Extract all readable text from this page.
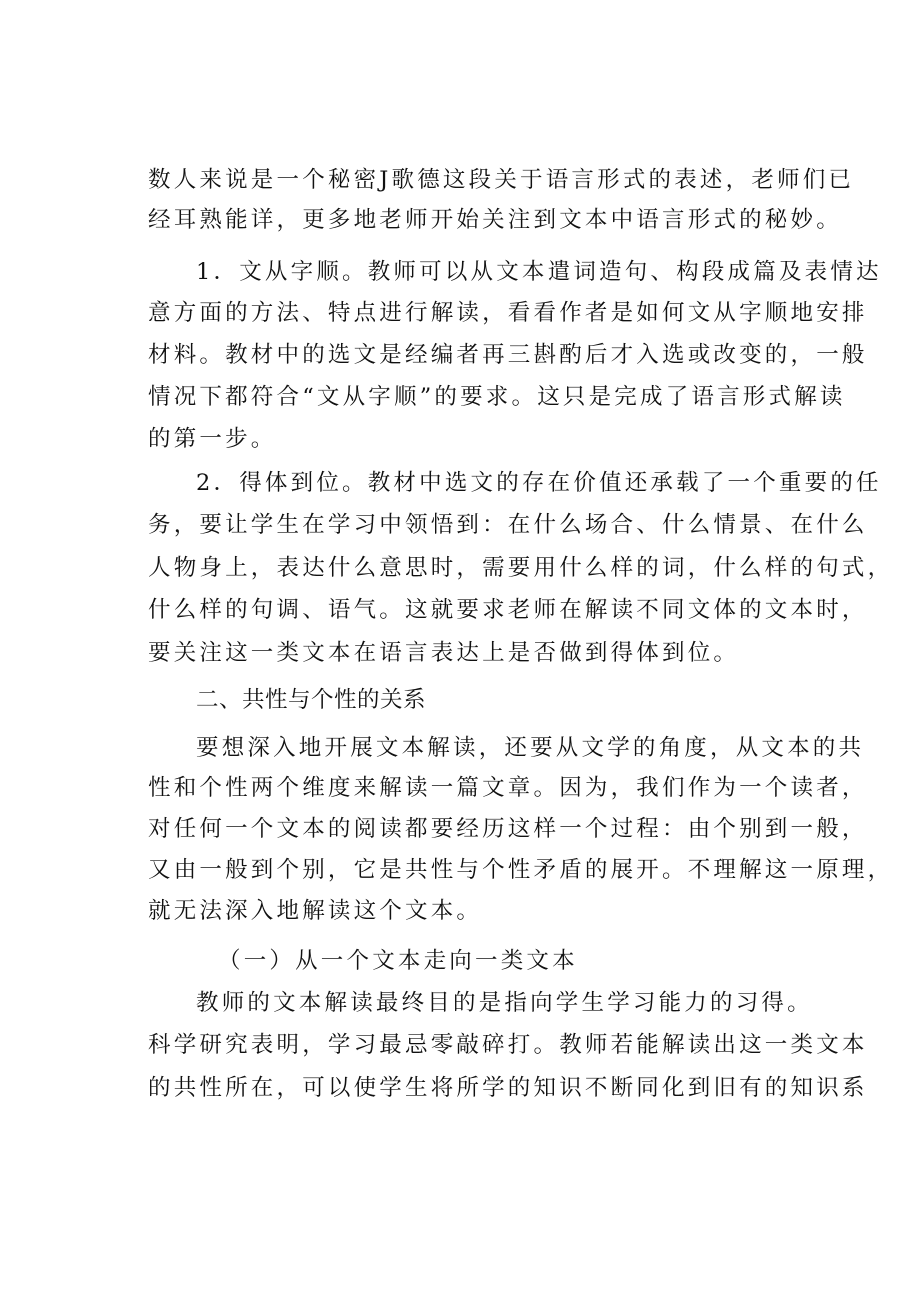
数人来说是一个秘密J歌德这段关于语言形式的表述，老师们已
经耳熟能详，更多地老师开始关注到文本中语言形式的秘妙。
1．文从字顺。教师可以从文本遣词造句、构段成篇及表情达
意方面的方法、特点进行解读，看看作者是如何文从字顺地安排
材料。教材中的选文是经编者再三斟酌后才入选或改变的，一般
情况下都符合“文从字顺”的要求。这只是完成了语言形式解读
的第一步。
2．得体到位。教材中选文的存在价值还承载了一个重要的任
务，要让学生在学习中领悟到：在什么场合、什么情景、在什么
人物身上，表达什么意思时，需要用什么样的词，什么样的句式，
什么样的句调、语气。这就要求老师在解读不同文体的文本时，
要关注这一类文本在语言表达上是否做到得体到位。
二、共性与个性的关系
要想深入地开展文本解读，还要从文学的角度，从文本的共
性和个性两个维度来解读一篇文章。因为，我们作为一个读者，
对任何一个文本的阅读都要经历这样一个过程：由个别到一般，
又由一般到个别，它是共性与个性矛盾的展开。不理解这一原理，
就无法深入地解读这个文本。
（一）从一个文本走向一类文本
教师的文本解读最终目的是指向学生学习能力的习得。
科学研究表明，学习最忌零敲碎打。教师若能解读出这一类文本
的共性所在，可以使学生将所学的知识不断同化到旧有的知识系
